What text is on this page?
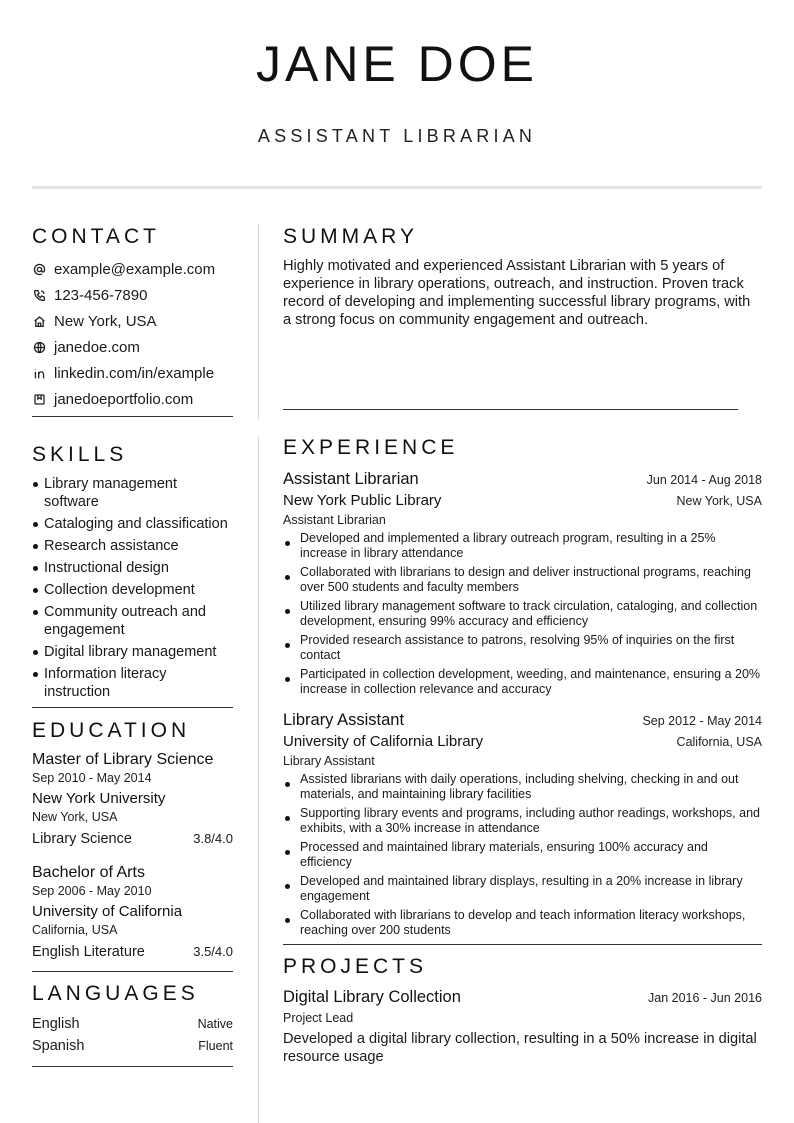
JANE DOE
ASSISTANT LIBRARIAN
CONTACT
example@example.com
123-456-7890
New York, USA
janedoe.com
linkedin.com/in/example
janedoeportfolio.com
SKILLS
Library management software
Cataloging and classification
Research assistance
Instructional design
Collection development
Community outreach and engagement
Digital library management
Information literacy instruction
EDUCATION
Master of Library Science
Sep 2010 - May 2014
New York University
New York, USA
Library Science	3.8/4.0
Bachelor of Arts
Sep 2006 - May 2010
University of California
California, USA
English Literature	3.5/4.0
LANGUAGES
English	Native
Spanish	Fluent
SUMMARY

Highly motivated and experienced Assistant Librarian with 5 years of experience in library operations, outreach, and instruction. Proven track record of developing and implementing successful library programs, with a strong focus on community engagement and outreach.

EXPERIENCE
Assistant Librarian	Jun 2014 - Aug 2018
New York Public Library	New York, USA
Assistant Librarian
Developed and implemented a library outreach program, resulting in a 25% increase in library attendance
Collaborated with librarians to design and deliver instructional programs, reaching over 500 students and faculty members
Utilized library management software to track circulation, cataloging, and collection development, ensuring 99% accuracy and efficiency
Provided research assistance to patrons, resolving 95% of inquiries on the first contact
Participated in collection development, weeding, and maintenance, ensuring a 20% increase in collection relevance and accuracy
Library Assistant	Sep 2012 - May 2014
University of California Library	California, USA
Library Assistant
Assisted librarians with daily operations, including shelving, checking in and out materials, and maintaining library facilities
Supporting library events and programs, including author readings, workshops, and exhibits, with a 30% increase in attendance
Processed and maintained library materials, ensuring 100% accuracy and efficiency
Developed and maintained library displays, resulting in a 20% increase in library engagement
Collaborated with librarians to develop and teach information literacy workshops, reaching over 200 students
PROJECTS
Digital Library Collection	Jan 2016 - Jun 2016
Project Lead

Developed a digital library collection, resulting in a 50% increase in digital resource usage
